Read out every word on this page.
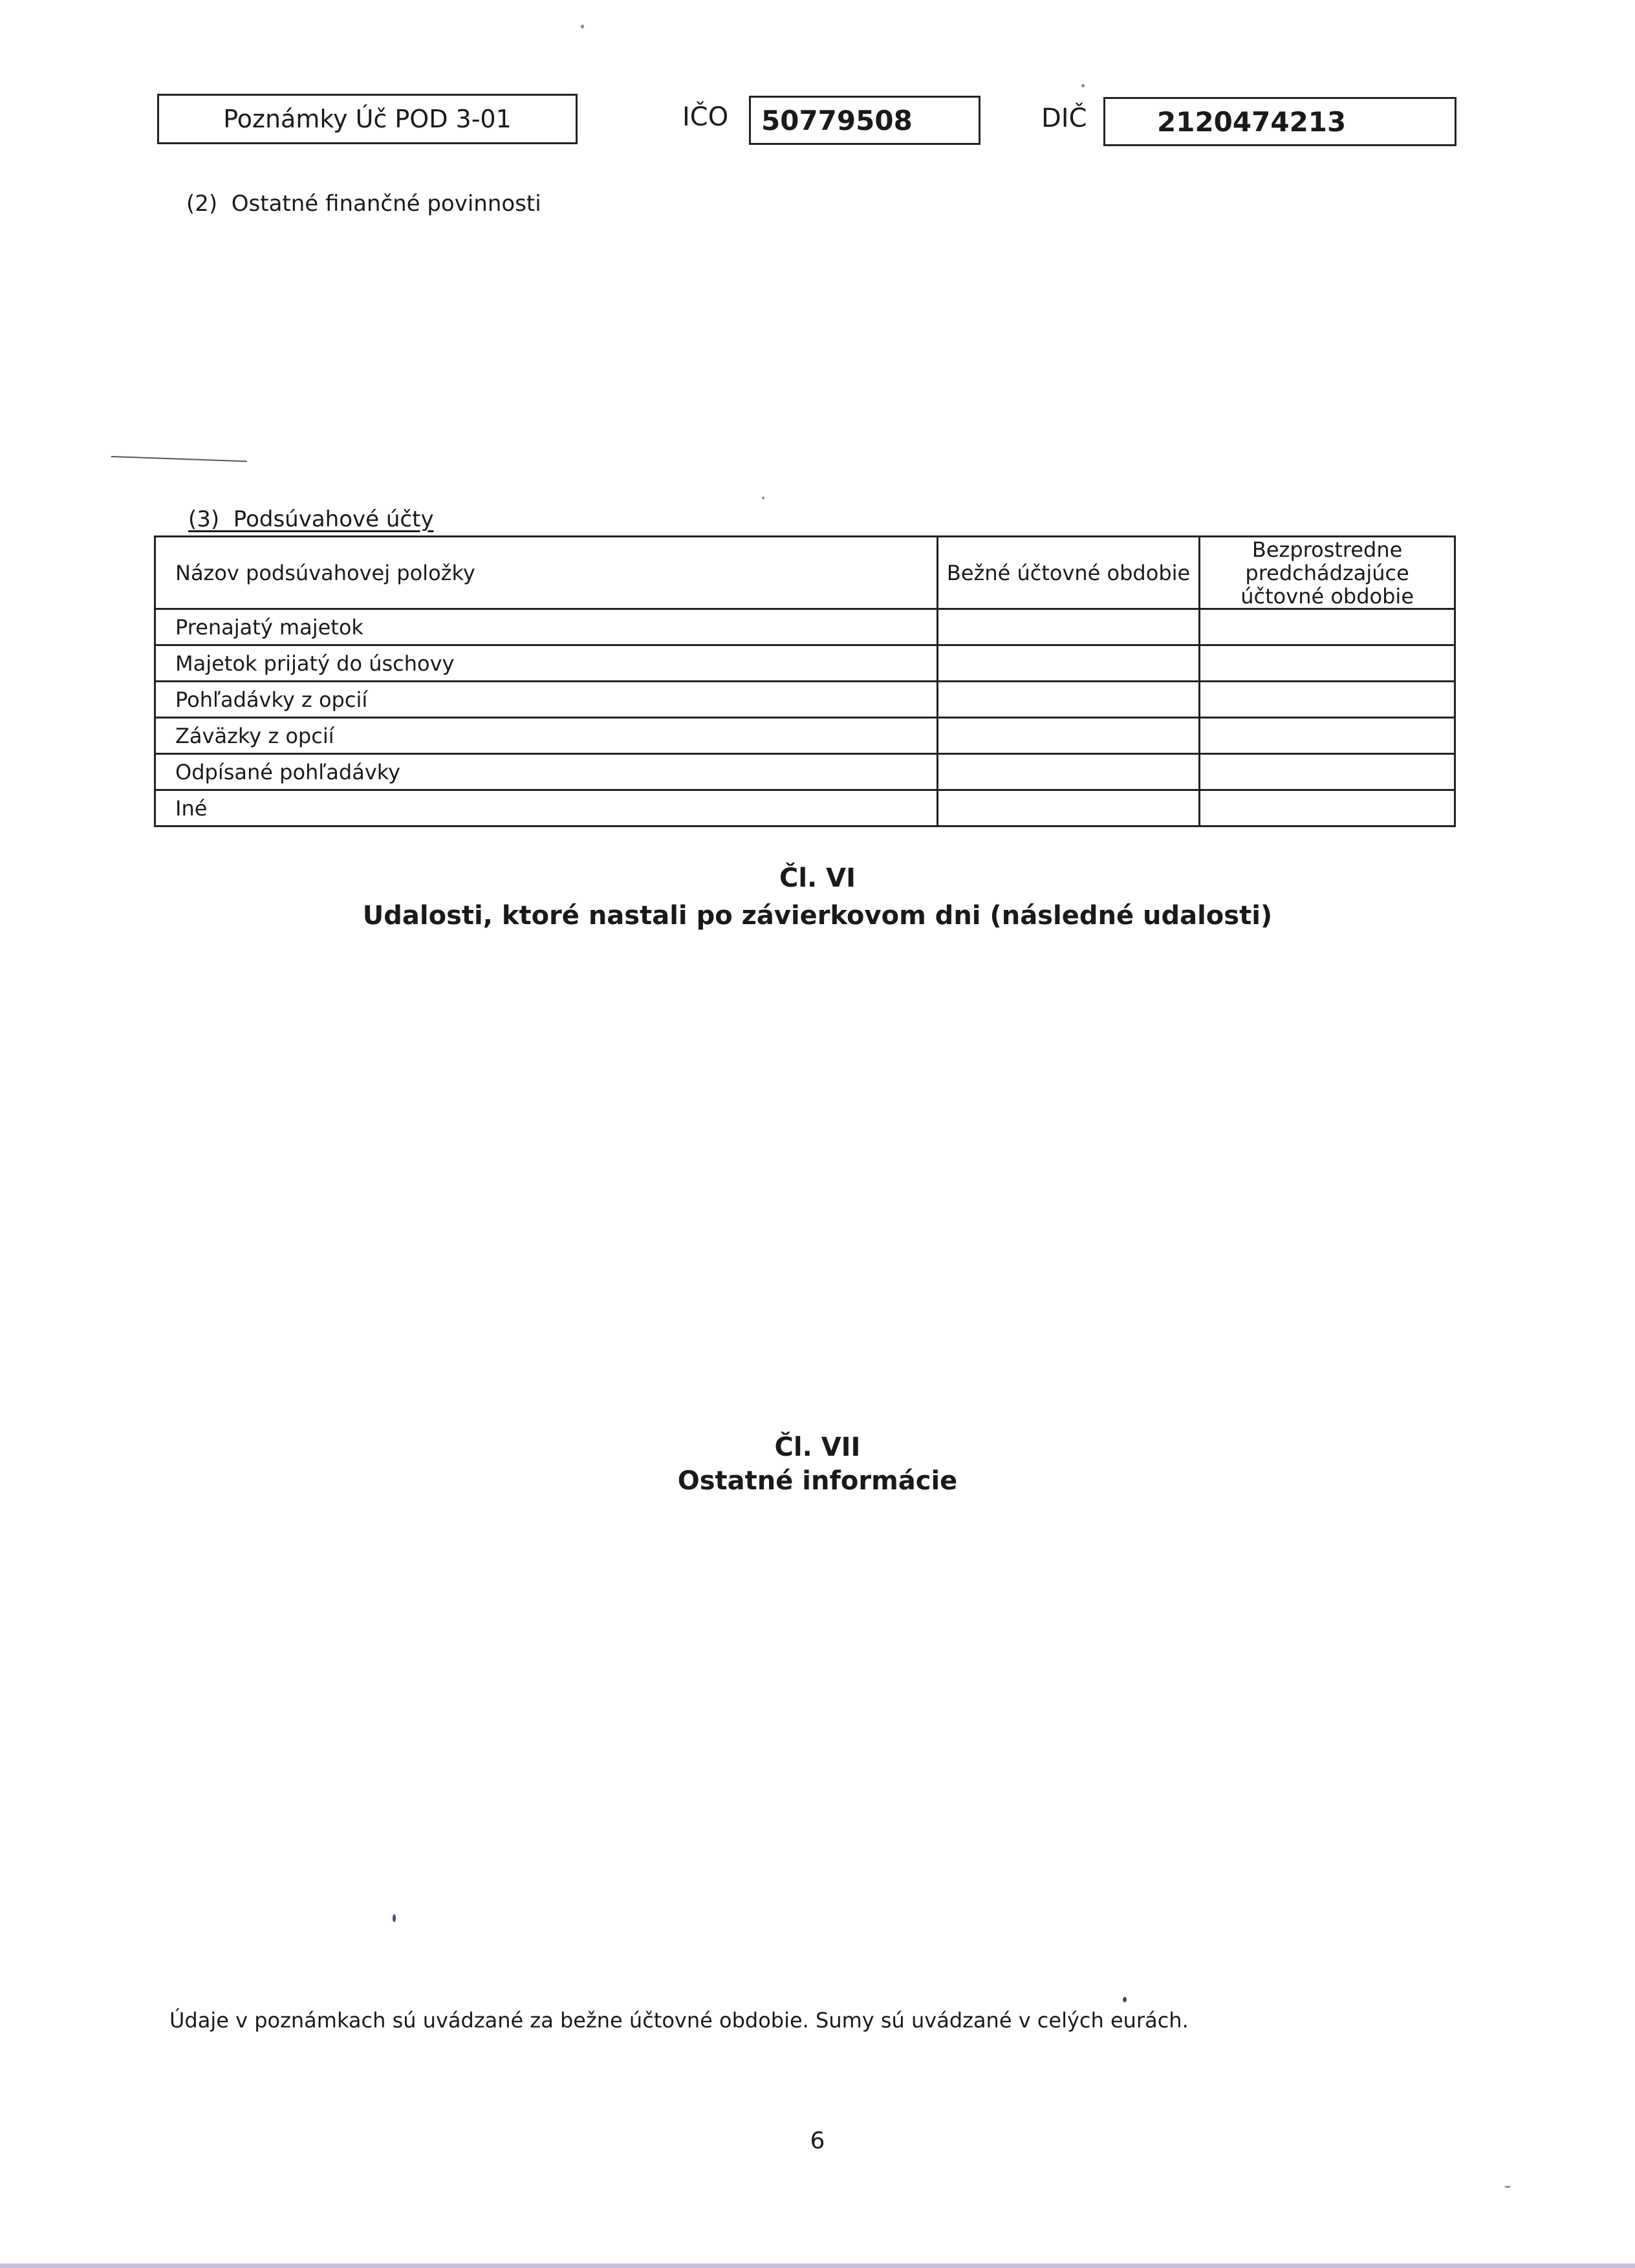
Poznámky Úč POD 3-01	IČO 50779508	DIČ	2120474213
(2)  Ostatné finančné povinnosti
(3)  Podsúvahové účty
Názov podsúvahovej položky	Bežné účtovné obdobie	Bezprostredne predchádzajúce účtovné obdobie
Prenajatý majetok		
Majetok prijatý do úschovy		
Pohľadávky z opcií		
Záväzky z opcií		
Odpísané pohľadávky		
Iné		
Čl. VI
Udalosti, ktoré nastali po závierkovom dni (následné udalosti)
Čl. VII
Ostatné informácie
Údaje v poznámkach sú uvádzané za bežne účtovné obdobie. Sumy sú uvádzané v celých eurách.
6
